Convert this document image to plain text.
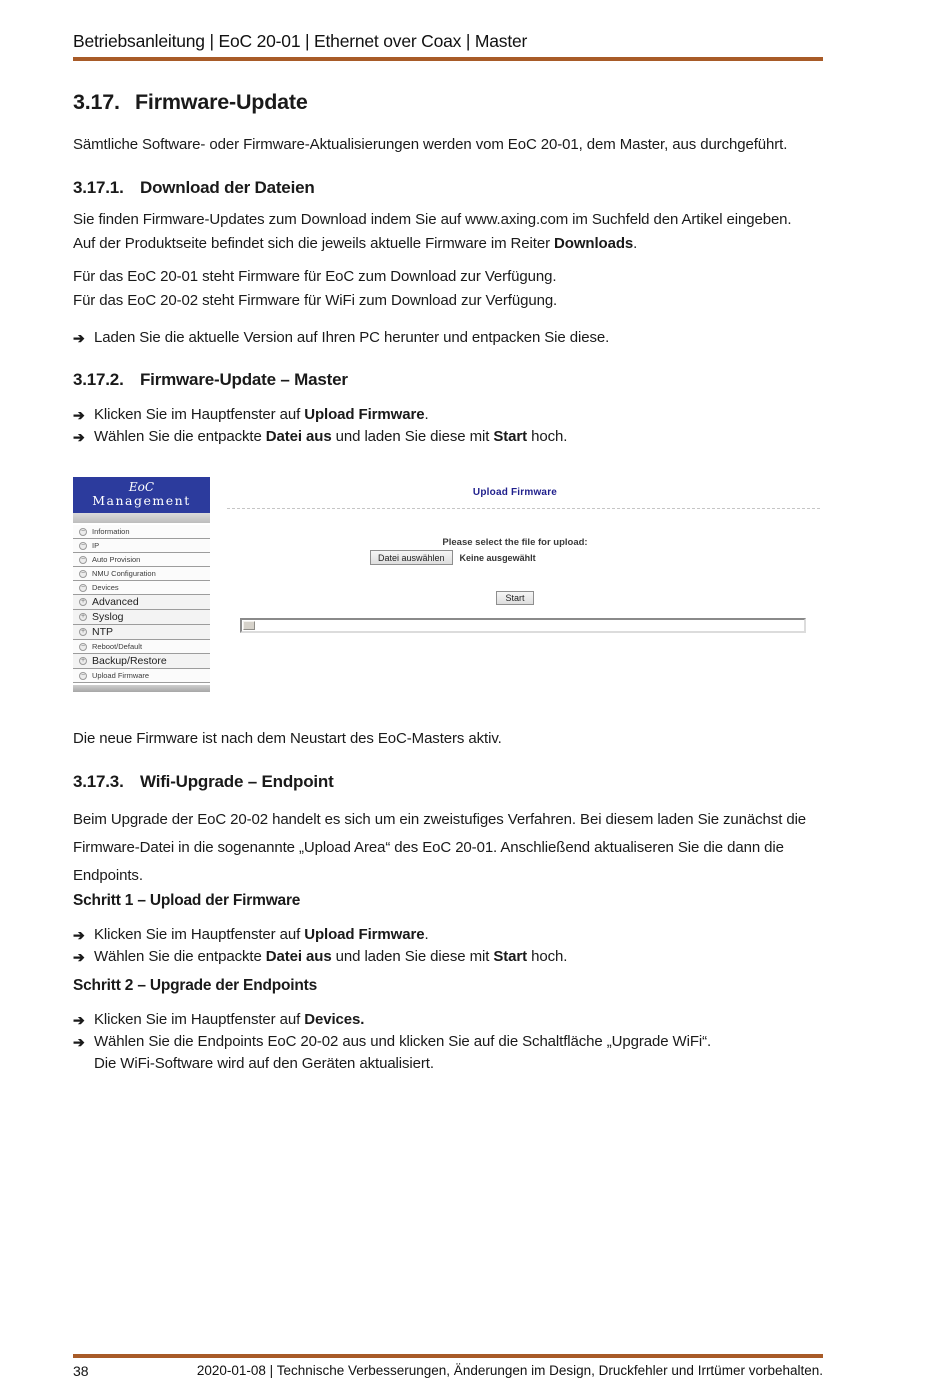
Betriebsanleitung | EoC 20-01 | Ethernet over Coax | Master
3.17. Firmware-Update
Sämtliche Software- oder Firmware-Aktualisierungen werden vom EoC 20-01, dem Master, aus durchgeführt.
3.17.1. Download der Dateien
Sie finden Firmware-Updates zum Download indem Sie auf www.axing.com im Suchfeld den Artikel eingeben.
Auf der Produktseite befindet sich die jeweils aktuelle Firmware im Reiter Downloads.
Für das EoC 20-01 steht Firmware für EoC zum Download zur Verfügung.
Für das EoC 20-02 steht Firmware für WiFi zum Download zur Verfügung.
➔ Laden Sie die aktuelle Version auf Ihren PC herunter und entpacken Sie diese.
3.17.2. Firmware-Update – Master
➔ Klicken Sie im Hauptfenster auf Upload Firmware.
➔ Wählen Sie die entpackte Datei aus und laden Sie diese mit Start hoch.
EoC
Management
− Information
− IP
− Auto Provision
− NMU Configuration
− Devices
+ Advanced
+ Syslog
+ NTP
− Reboot/Default
+ Backup/Restore
− Upload Firmware
Upload Firmware
Please select the file for upload:
Datei auswählen	Keine ausgewählt
Start
Die neue Firmware ist nach dem Neustart des EoC-Masters aktiv.
3.17.3. Wifi-Upgrade – Endpoint
Beim Upgrade der EoC 20-02 handelt es sich um ein zweistufiges Verfahren. Bei diesem laden Sie zunächst die
Firmware-Datei in die sogenannte „Upload Area“ des EoC 20-01. Anschließend aktualiseren Sie die dann die
Endpoints.
Schritt 1 – Upload der Firmware
➔ Klicken Sie im Hauptfenster auf Upload Firmware.
➔ Wählen Sie die entpackte Datei aus und laden Sie diese mit Start hoch.
Schritt 2 – Upgrade der Endpoints
➔ Klicken Sie im Hauptfenster auf Devices.
➔ Wählen Sie die Endpoints EoC 20-02 aus und klicken Sie auf die Schaltfläche „Upgrade WiFi“.
Die WiFi-Software wird auf den Geräten aktualisiert.
38	2020-01-08 | Technische Verbesserungen, Änderungen im Design, Druckfehler und Irrtümer vorbehalten.
